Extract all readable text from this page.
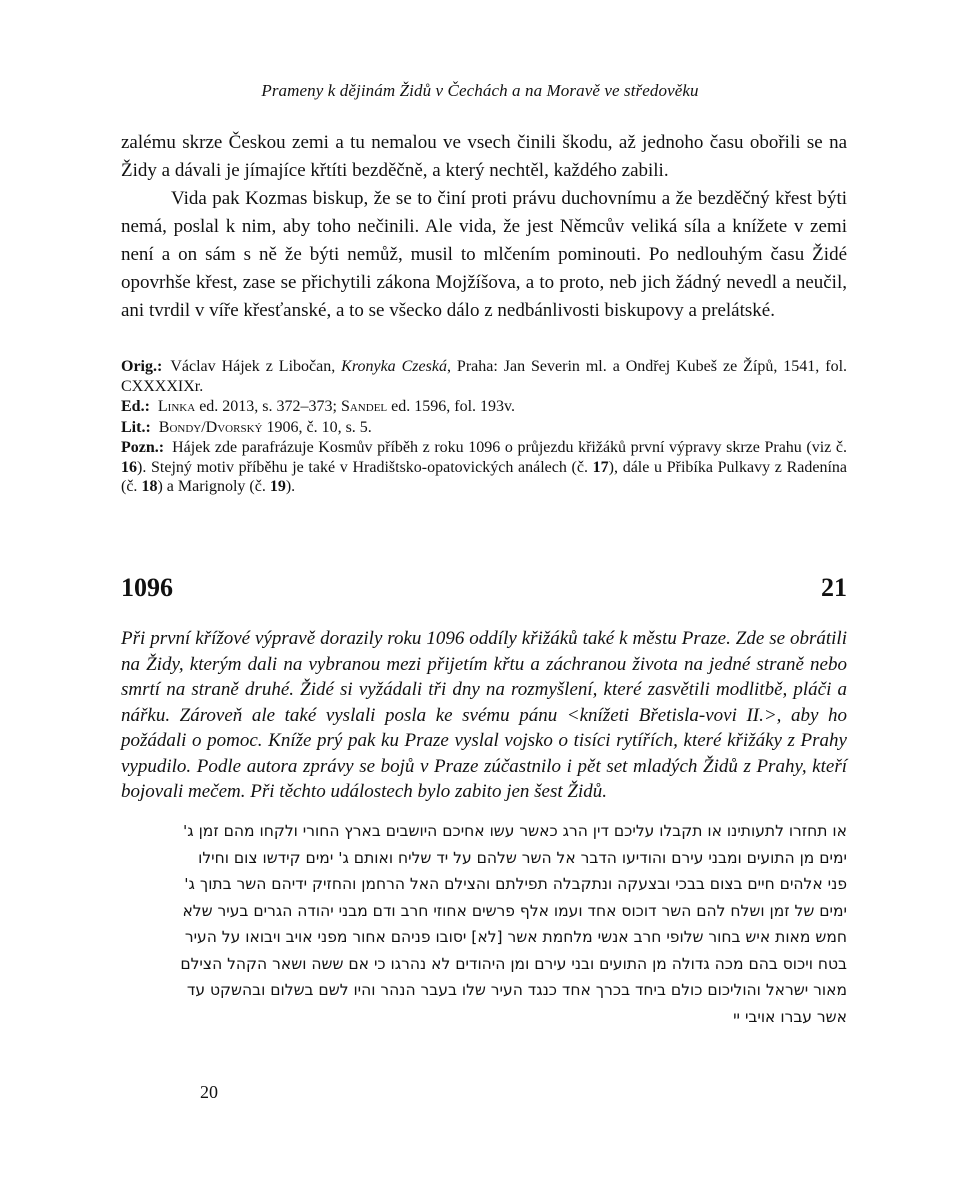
Prameny k dějinám Židů v Čechách a na Moravě ve středověku

zalému skrze Českou zemi a tu nemalou ve vsech činili škodu, až jednoho času obořili se na Židy a dávali je jímajíce křtíti bezděčně, a který nechtěl, každého zabili.

Vida pak Kozmas biskup, že se to činí proti právu duchovnímu a že bezděčný křest býti nemá, poslal k nim, aby toho nečinili. Ale vida, že jest Němcův veliká síla a knížete v zemi není a on sám s ně že býti nemůž, musil to mlčením pominouti. Po nedlouhým času Židé opovrhše křest, zase se přichytili zákona Mojžíšova, a to proto, neb jich žádný nevedl a neučil, ani tvrdil v víře křesťanské, a to se všecko dálo z nedbánlivosti biskupovy a prelátské.

Orig.: Václav Hájek z Libočan, Kronyka Czeská, Praha: Jan Severin ml. a Ondřej Kubeš ze Žípů, 1541, fol. CXXXXIXr.

Ed.: Linka ed. 2013, s. 372–373; Sandel ed. 1596, fol. 193v.

Lit.: Bondy/Dvorský 1906, č. 10, s. 5.

Pozn.: Hájek zde parafrázuje Kosmův příběh z roku 1096 o průjezdu křižáků první výpravy skrze Prahu (viz č. 16). Stejný motiv příběhu je také v Hradištsko-opatovických análech (č. 17), dále u Přibíka Pulkavy z Radenína (č. 18) a Marignoly (č. 19).

1096	21
Při první křížové výpravě dorazily roku 1096 oddíly křižáků také k městu Praze. Zde se obrátili na Židy, kterým dali na vybranou mezi přijetím křtu a záchranou života na jedné straně nebo smrtí na straně druhé. Židé si vyžádali tři dny na rozmyšlení, které zasvětili modlitbě, pláči a nářku. Zároveň ale také vyslali posla ke svému pánu <knížeti Břetisla-vovi II.>, aby ho požádali o pomoc. Kníže prý pak ku Praze vyslal vojsko o tisíci rytířích, které křižáky z Prahy vypudilo. Podle autora zprávy se bojů v Praze zúčastnilo i pět set mladých Židů z Prahy, kteří bojovali mečem. Při těchto událostech bylo zabito jen šest Židů.
או תחזרו לתעותינו או תקבלו עליכם דין הרג כאשר עשו אחיכם היושבים בארץ החורי ולקחו מהם זמן ג'
ימים מן התועים ומבני עירם והודיעו הדבר אל השר שלהם על יד שליח ואותם ג' ימים קידשו צום וחילו
פני אלהים חיים בצום בבכי ובצעקה ונתקבלה תפילתם והצילם האל הרחמן והחזיק ידיהם השר בתוך ג'
ימים של זמן ושלח להם השר דוכוס אחד ועמו אלף פרשים אחוזי חרב ודם מבני יהודה הגרים בעיר שלא
חמש מאות איש בחור שלופי חרב אנשי מלחמת אשר [לא] יסובו פניהם אחור מפני אויב ויבואו על העיר
בטח ויכוס בהם מכה גדולה מן התועים ובני עירם ומן היהודים לא נהרגו כי אם ששה ושאר הקהל הצילם
מאור ישראל והוליכום כולם ביחד בכרך אחד כנגד העיר שלו בעבר הנהר והיו לשם בשלום ובהשקט עד
אשר עברו אויבי יי
20
